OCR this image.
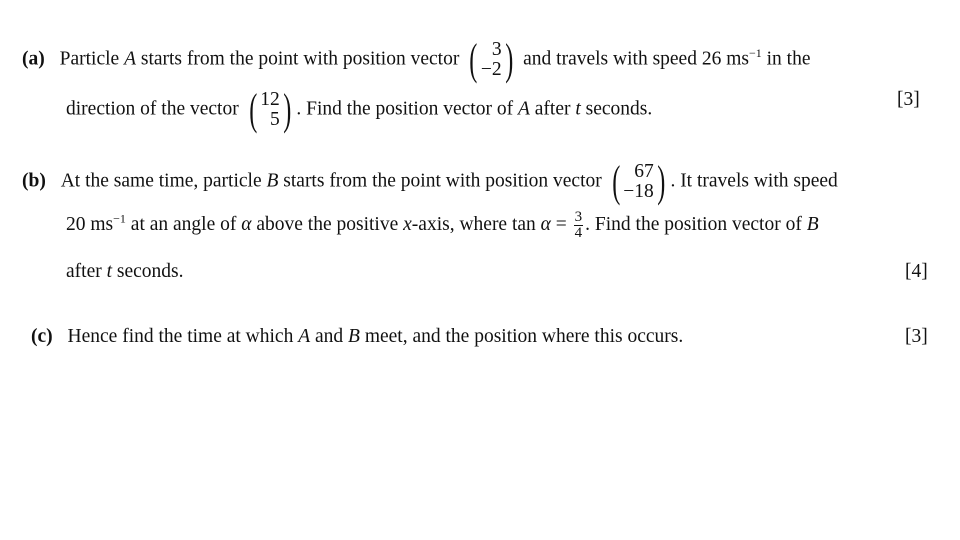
(a) Particle A starts from the point with position vector ( 3
−2 ) and travels with speed 26 $ms^{-1}$ in the
direction of the vector ( 12
5 ) . Find the position vector of A after t seconds.	[3]
(b) At the same time, particle B starts from the point with position vector ( 67
−18 ) . It travels with speed
20 $ms^{-1}$ at an angle of α above the positive x-axis, where $\tan \alpha = \frac{3}{4}$ . Find the position vector of B
after t seconds.	[4]
(c) Hence find the time at which A and B meet, and the position where this occurs.	[3]
